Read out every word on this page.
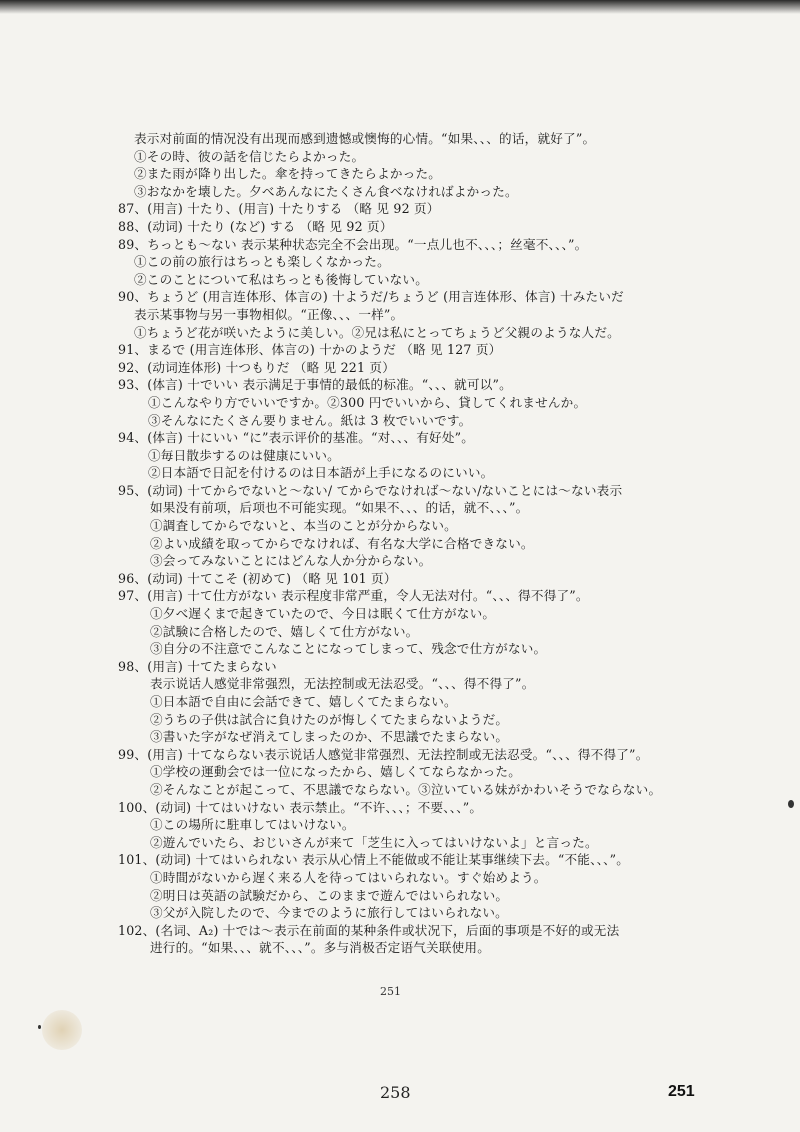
表示对前面的情况没有出现而感到遗憾或懊悔的心情。“如果、、、的话，就好了”。
①その時、彼の話を信じたらよかった。
②また雨が降り出した。傘を持ってきたらよかった。
③おなかを壊した。夕べあんなにたくさん食べなければよかった。
87、(用言) 十たり、(用言) 十たりする （略 见 92 页）
88、(动词) 十たり (など) する （略 见 92 页）
89、ちっとも～ない 表示某种状态完全不会出现。“一点儿也不、、、；丝毫不、、、”。
①この前の旅行はちっとも楽しくなかった。
②このことについて私はちっとも後悔していない。
90、ちょうど (用言连体形、体言の) 十ようだ/ちょうど (用言连体形、体言) 十みたいだ
表示某事物与另一事物相似。“正像、、、一样”。
①ちょうど花が咲いたように美しい。②兄は私にとってちょうど父親のような人だ。
91、まるで (用言连体形、体言の) 十かのようだ （略 见 127 页）
92、(动词连体形) 十つもりだ （略 见 221 页）
93、(体言) 十でいい 表示满足于事情的最低的标准。“、、、就可以”。
①こんなやり方でいいですか。②300 円でいいから、貸してくれませんか。
③そんなにたくさん要りません。紙は 3 枚でいいです。
94、(体言) 十にいい “に”表示评价的基准。“对、、、有好处”。
①毎日散歩するのは健康にいい。
②日本語で日記を付けるのは日本語が上手になるのにいい。
95、(动词) 十てからでないと～ない/ てからでなければ～ない/ないことには～ない表示
如果没有前项，后项也不可能实现。“如果不、、、的话，就不、、、”。
①調査してからでないと、本当のことが分からない。
②よい成績を取ってからでなければ、有名な大学に合格できない。
③会ってみないことにはどんな人か分からない。
96、(动词) 十てこそ (初めて) （略 见 101 页）
97、(用言) 十て仕方がない 表示程度非常严重，令人无法对付。“、、、得不得了”。
①夕べ遅くまで起きていたので、今日は眠くて仕方がない。
②試験に合格したので、嬉しくて仕方がない。
③自分の不注意でこんなことになってしまって、残念で仕方がない。
98、(用言) 十てたまらない
表示说话人感觉非常强烈，无法控制或无法忍受。“、、、得不得了”。
①日本語で自由に会話できて、嬉しくてたまらない。
②うちの子供は試合に負けたのが悔しくてたまらないようだ。
③書いた字がなぜ消えてしまったのか、不思議でたまらない。
99、(用言) 十てならない表示说话人感觉非常强烈、无法控制或无法忍受。“、、、得不得了”。
①学校の運動会では一位になったから、嬉しくてならなかった。
②そんなことが起こって、不思議でならない。③泣いている妹がかわいそうでならない。
100、(动词) 十てはいけない 表示禁止。“不许、、、；不要、、、”。
①この場所に駐車してはいけない。
②遊んでいたら、おじいさんが来て「芝生に入ってはいけないよ」と言った。
101、(动词) 十てはいられない 表示从心情上不能做或不能让某事继续下去。“不能、、、”。
①時間がないから遅く来る人を待ってはいられない。すぐ始めよう。
②明日は英語の試験だから、このままで遊んではいられない。
③父が入院したので、今までのように旅行してはいられない。
102、(名词、A₂) 十では～表示在前面的某种条件或状况下，后面的事项是不好的或无法
进行的。“如果、、、就不、、、”。多与消极否定语气关联使用。
251
258	251
